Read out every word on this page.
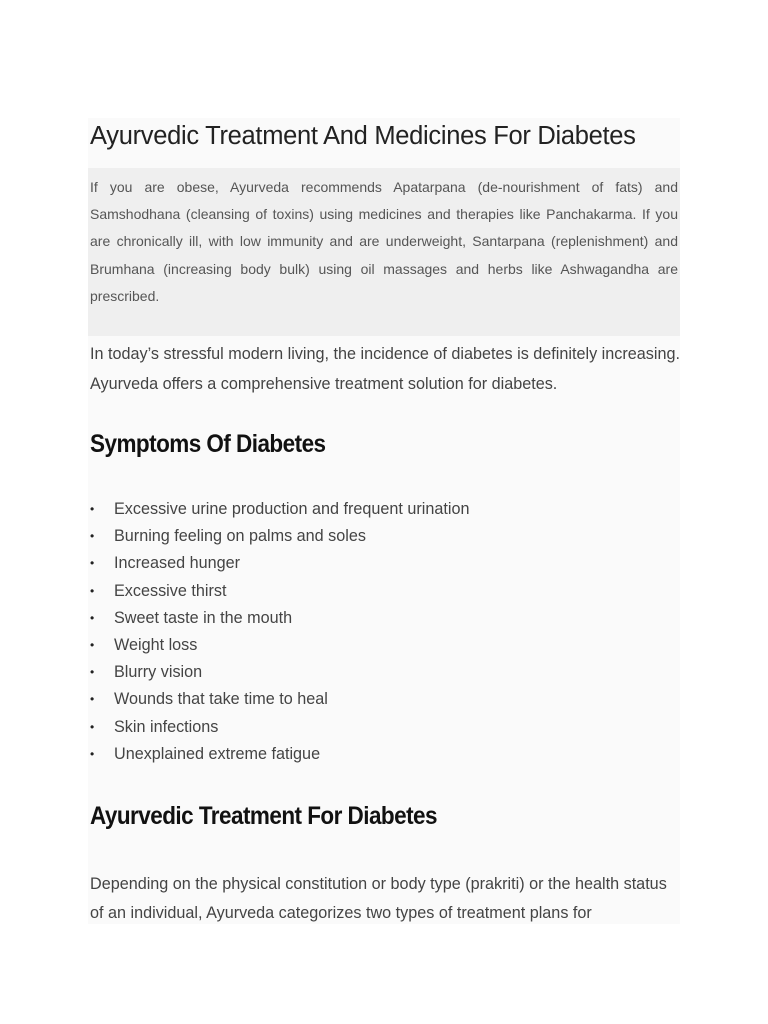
Ayurvedic Treatment And Medicines For Diabetes

If you are obese, Ayurveda recommends Apatarpana (de-nourishment of fats) and Samshodhana (cleansing of toxins) using medicines and therapies like Panchakarma. If you are chronically ill, with low immunity and are underweight, Santarpana (replenishment) and Brumhana (increasing body bulk) using oil massages and herbs like Ashwagandha are prescribed.

In today’s stressful modern living, the incidence of diabetes is definitely increasing. Ayurveda offers a comprehensive treatment solution for diabetes.

Symptoms Of Diabetes
• Excessive urine production and frequent urination
• Burning feeling on palms and soles
• Increased hunger
• Excessive thirst
• Sweet taste in the mouth
• Weight loss
• Blurry vision
• Wounds that take time to heal
• Skin infections
• Unexplained extreme fatigue
Ayurvedic Treatment For Diabetes

Depending on the physical constitution or body type (prakriti) or the health status of an individual, Ayurveda categorizes two types of treatment plans for
